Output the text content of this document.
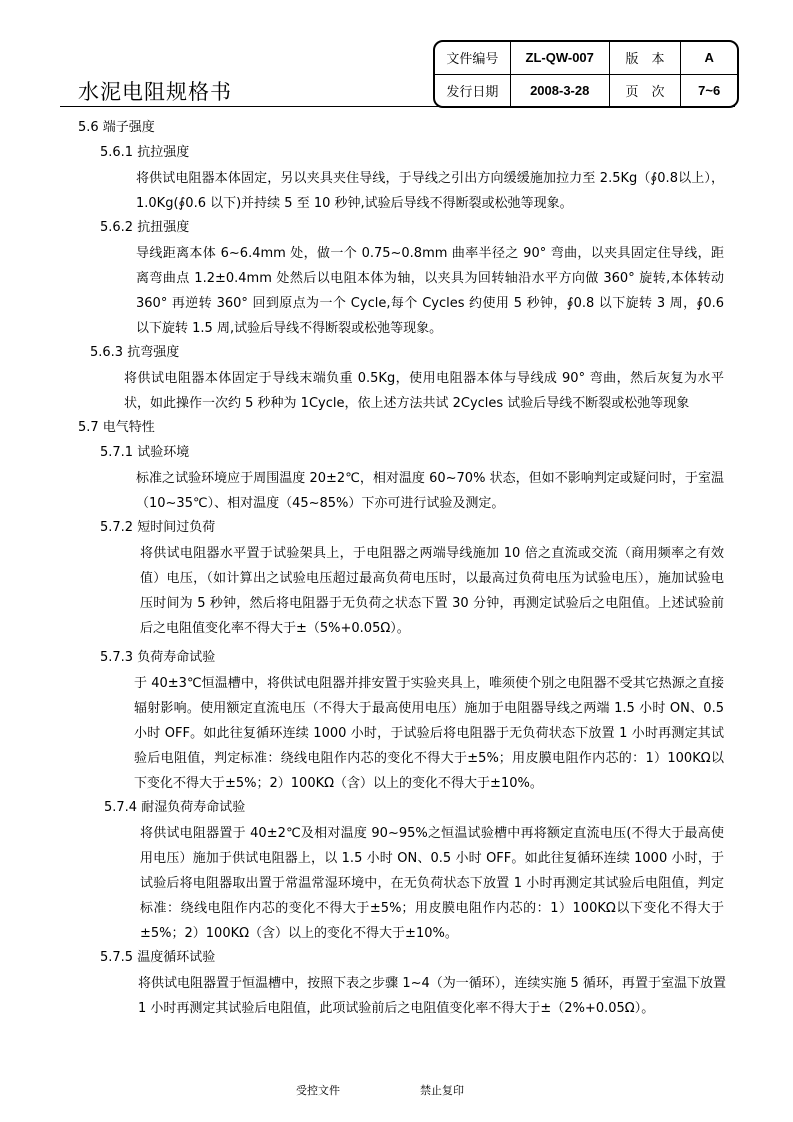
水泥电阻规格书
文件编号	ZL-QW-007	版　本	A
发行日期	2008-3-28	页　次	7~6
5.6 端子强度
5.6.1 抗拉强度
将供试电阻器本体固定，另以夹具夹住导线，于导线之引出方向缓缓施加拉力至 2.5Kg（∮0.8以上），1.0Kg(∮0.6 以下)并持续 5 至 10 秒钟,试验后导线不得断裂或松弛等现象。
5.6.2 抗扭强度
导线距离本体 6~6.4mm 处，做一个 0.75~0.8mm 曲率半径之 90° 弯曲，以夹具固定住导线，距离弯曲点 1.2±0.4mm 处然后以电阻本体为轴，以夹具为回转轴沿水平方向做 360° 旋转,本体转动 360° 再逆转 360° 回到原点为一个 Cycle,每个 Cycles 约使用 5 秒钟，∮0.8 以下旋转 3 周，∮0.6 以下旋转 1.5 周,试验后导线不得断裂或松弛等现象。
5.6.3 抗弯强度
将供试电阻器本体固定于导线末端负重 0.5Kg，使用电阻器本体与导线成 90° 弯曲，然后灰复为水平状，如此操作一次约 5 秒种为 1Cycle，依上述方法共试 2Cycles 试验后导线不断裂或松弛等现象
5.7 电气特性
5.7.1 试验环境
标准之试验环境应于周围温度 20±2℃，相对温度 60~70% 状态，但如不影响判定或疑问时，于室温（10~35℃）、相对温度（45~85%）下亦可进行试验及测定。
5.7.2 短时间过负荷
将供试电阻器水平置于试验架具上，于电阻器之两端导线施加 10 倍之直流或交流（商用频率之有效值）电压，（如计算出之试验电压超过最高负荷电压时，以最高过负荷电压为试验电压），施加试验电压时间为 5 秒钟，然后将电阻器于无负荷之状态下置 30 分钟，再测定试验后之电阻值。上述试验前后之电阻值变化率不得大于±（5%+0.05Ω）。
5.7.3 负荷寿命试验
于 40±3℃恒温槽中，将供试电阻器并排安置于实验夹具上，唯须使个别之电阻器不受其它热源之直接辐射影响。使用额定直流电压（不得大于最高使用电压）施加于电阻器导线之两端 1.5 小时 ON、0.5 小时 OFF。如此往复循环连续 1000 小时，于试验后将电阻器于无负荷状态下放置 1 小时再测定其试验后电阻值，判定标准：绕线电阻作内芯的变化不得大于±5%；用皮膜电阻作内芯的：1）100KΩ以下变化不得大于±5%；2）100KΩ（含）以上的变化不得大于±10%。
5.7.4 耐湿负荷寿命试验
将供试电阻器置于 40±2℃及相对温度 90~95%之恒温试验槽中再将额定直流电压(不得大于最高使用电压）施加于供试电阻器上，以 1.5 小时 ON、0.5 小时 OFF。如此往复循环连续 1000 小时，于试验后将电阻器取出置于常温常湿环境中，在无负荷状态下放置 1 小时再测定其试验后电阻值，判定标准：绕线电阻作内芯的变化不得大于±5%；用皮膜电阻作内芯的：1）100KΩ以下变化不得大于±5%；2）100KΩ（含）以上的变化不得大于±10%。
5.7.5 温度循环试验
将供试电阻器置于恒温槽中，按照下表之步骤 1~4（为一循环），连续实施 5 循环，再置于室温下放置 1 小时再测定其试验后电阻值，此项试验前后之电阻值变化率不得大于±（2%+0.05Ω）。
受控文件	禁止复印
